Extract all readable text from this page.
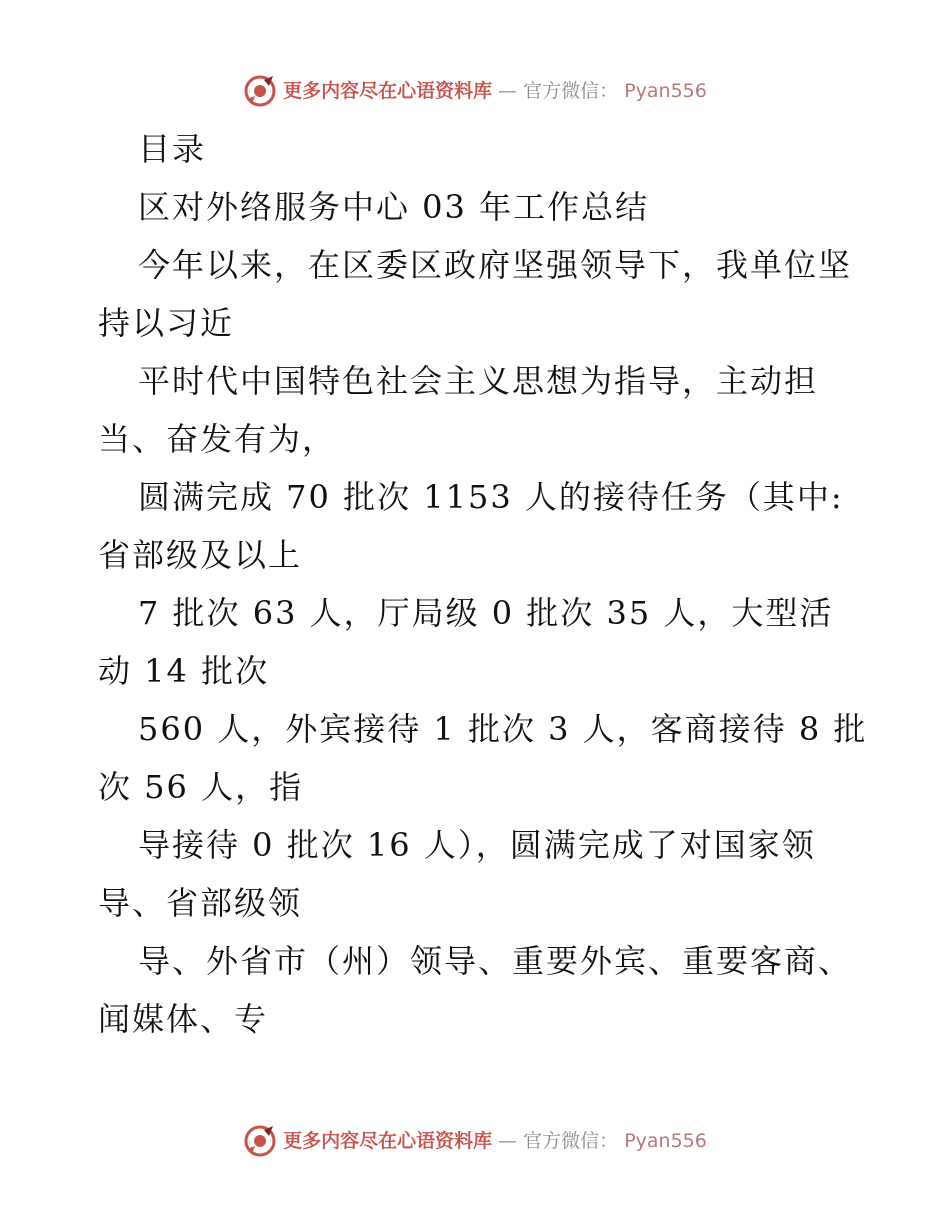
更多内容尽在心语资料库 — 官方微信： Pyan556

目录

区对外络服务中心 03 年工作总结

今年以来，在区委区政府坚强领导下，我单位坚

持以习近

平时代中国特色社会主义思想为指导，主动担

当、奋发有为，

圆满完成 70 批次 1153 人的接待任务（其中:

省部级及以上

7 批次 63 人，厅局级 0 批次 35 人，大型活

动 14 批次

560 人，外宾接待 1 批次 3 人，客商接待 8 批

次 56 人，指

导接待 0 批次 16 人），圆满完成了对国家领

导、省部级领

导、外省市（州）领导、重要外宾、重要客商、

闻媒体、专

更多内容尽在心语资料库 — 官方微信： Pyan556
